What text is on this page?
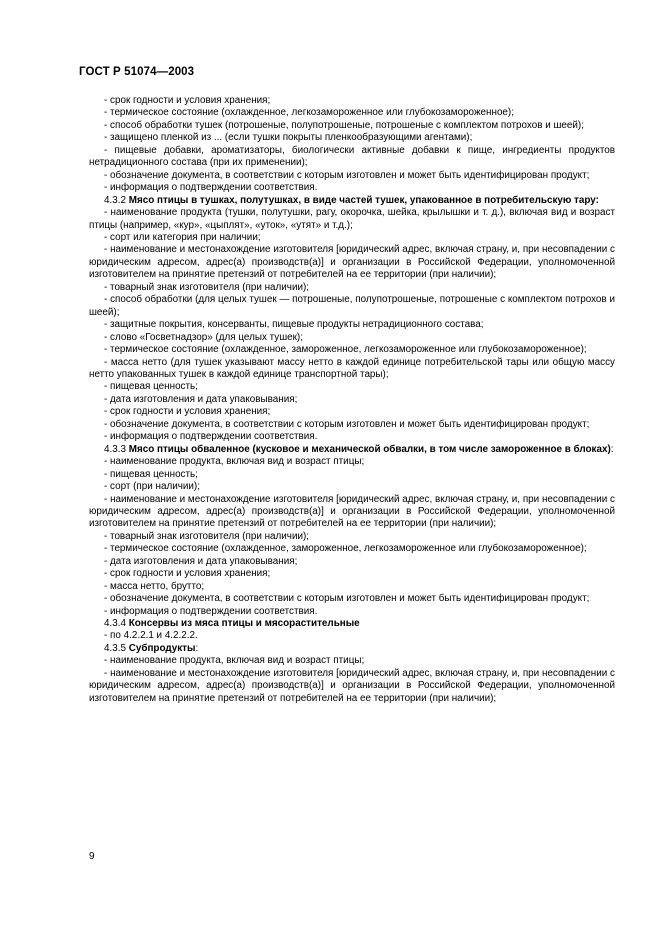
ГОСТ Р 51074—2003

- срок годности и условия хранения;

- термическое состояние (охлажденное, легкозамороженное или глубокозамороженное);

- способ обработки тушек (потрошеные, полупотрошеные, потрошеные с комплектом потрохов и шеей);

- защищено пленкой из ... (если тушки покрыты пленкообразующими агентами);

- пищевые добавки, ароматизаторы, биологически активные добавки к пище, ингредиенты продуктов нетрадиционного состава (при их применении);

- обозначение документа, в соответствии с которым изготовлен и может быть идентифицирован продукт;

- информация о подтверждении соответствия.

4.3.2 Мясо птицы в тушках, полутушках, в виде частей тушек, упакованное в потребительскую тару:

- наименование продукта (тушки, полутушки, рагу, окорочка, шейка, крылышки и т. д.), включая вид и возраст птицы (например, «кур», «цыплят», «уток», «утят» и т.д.);

- сорт или категория при наличии;

- наименование и местонахождение изготовителя [юридический адрес, включая страну, и, при несовпадении с юридическим адресом, адрес(а) производств(а)] и организации в Российской Федерации, уполномоченной изготовителем на принятие претензий от потребителей на ее территории (при наличии);

- товарный знак изготовителя (при наличии);

- способ обработки (для целых тушек — потрошеные, полупотрошеные, потрошеные с комплектом потрохов и шеей);

- защитные покрытия, консерванты, пищевые продукты нетрадиционного состава;

- слово «Госветнадзор» (для целых тушек);

- термическое состояние (охлажденное, замороженное, легкозамороженное или глубокозамороженное);

- масса нетто (для тушек указывают массу нетто в каждой единице потребительской тары или общую массу нетто упакованных тушек в каждой единице транспортной тары);

- пищевая ценность;

- дата изготовления и дата упаковывания;

- срок годности и условия хранения;

- обозначение документа, в соответствии с которым изготовлен и может быть идентифицирован продукт;

- информация о подтверждении соответствия.

4.3.3 Мясо птицы обваленное (кусковое и механической обвалки, в том числе замороженное в блоках):

- наименование продукта, включая вид и возраст птицы;

- пищевая ценность;

- сорт (при наличии);

- наименование и местонахождение изготовителя [юридический адрес, включая страну, и, при несовпадении с юридическим адресом, адрес(а) производств(а)] и организации в Российской Федерации, уполномоченной изготовителем на принятие претензий от потребителей на ее территории (при наличии);

- товарный знак изготовителя (при наличии);

- термическое состояние (охлажденное, замороженное, легкозамороженное или глубокозамороженное);

- дата изготовления и дата упаковывания;

- срок годности и условия хранения;

- масса нетто, брутто;

- обозначение документа, в соответствии с которым изготовлен и может быть идентифицирован продукт;

- информация о подтверждении соответствия.

4.3.4 Консервы из мяса птицы и мясорастительные

- по 4.2.2.1 и 4.2.2.2.

4.3.5 Субпродукты:

- наименование продукта, включая вид и возраст птицы;

- наименование и местонахождение изготовителя [юридический адрес, включая страну, и, при несовпадении с юридическим адресом, адрес(а) производств(а)] и организации в Российской Федерации, уполномоченной изготовителем на принятие претензий от потребителей на ее территории (при наличии);

9
